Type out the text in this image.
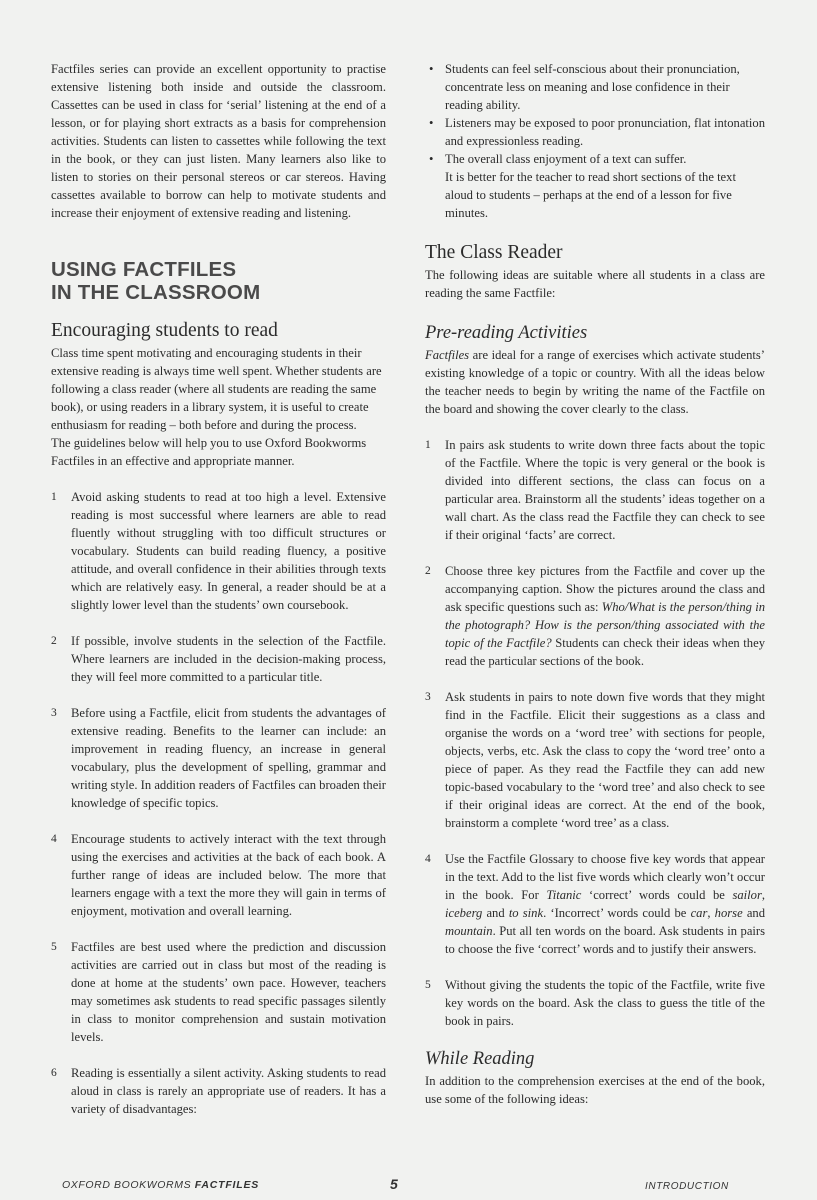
Factfiles series can provide an excellent opportunity to practise extensive listening both inside and outside the classroom. Cassettes can be used in class for ‘serial’ listening at the end of a lesson, or for playing short extracts as a basis for comprehension activities. Students can listen to cassettes while following the text in the book, or they can just listen. Many learners also like to listen to stories on their personal stereos or car stereos. Having cassettes available to borrow can help to motivate students and increase their enjoyment of extensive reading and listening.

USING FACTFILES
IN THE CLASSROOM
Encouraging students to read

Class time spent motivating and encouraging students in their extensive reading is always time well spent. Whether students are following a class reader (where all students are reading the same book), or using readers in a library system, it is useful to create enthusiasm for reading – both before and during the process.

The guidelines below will help you to use Oxford Bookworms Factfiles in an effective and appropriate manner.

1 Avoid asking students to read at too high a level. Extensive reading is most successful where learners are able to read fluently without struggling with too difficult structures or vocabulary. Students can build reading fluency, a positive attitude, and overall confidence in their abilities through texts which are relatively easy. In general, a reader should be at a slightly lower level than the students’ own coursebook.
2 If possible, involve students in the selection of the Factfile. Where learners are included in the decision-making process, they will feel more committed to a particular title.
3 Before using a Factfile, elicit from students the advantages of extensive reading. Benefits to the learner can include: an improvement in reading fluency, an increase in general vocabulary, plus the development of spelling, grammar and writing style. In addition readers of Factfiles can broaden their knowledge of specific topics.
4 Encourage students to actively interact with the text through using the exercises and activities at the back of each book. A further range of ideas are included below. The more that learners engage with a text the more they will gain in terms of enjoyment, motivation and overall learning.
5 Factfiles are best used where the prediction and discussion activities are carried out in class but most of the reading is done at home at the students’ own pace. However, teachers may sometimes ask students to read specific passages silently in class to monitor comprehension and sustain motivation levels.
6 Reading is essentially a silent activity. Asking students to read aloud in class is rarely an appropriate use of readers. It has a variety of disadvantages:
• Students can feel self-conscious about their pronunciation, concentrate less on meaning and lose confidence in their reading ability.
• Listeners may be exposed to poor pronunciation, flat intonation and expressionless reading.
• The overall class enjoyment of a text can suffer.

It is better for the teacher to read short sections of the text aloud to students – perhaps at the end of a lesson for five minutes.

The Class Reader

The following ideas are suitable where all students in a class are reading the same Factfile:

Pre-reading Activities

Factfiles are ideal for a range of exercises which activate students’ existing knowledge of a topic or country. With all the ideas below the teacher needs to begin by writing the name of the Factfile on the board and showing the cover clearly to the class.

1 In pairs ask students to write down three facts about the topic of the Factfile. Where the topic is very general or the book is divided into different sections, the class can focus on a particular area. Brainstorm all the students’ ideas together on a wall chart. As the class read the Factfile they can check to see if their original ‘facts’ are correct.
2 Choose three key pictures from the Factfile and cover up the accompanying caption. Show the pictures around the class and ask specific questions such as: Who/What is the person/thing in the photograph? How is the person/thing associated with the topic of the Factfile? Students can check their ideas when they read the particular sections of the book.
3 Ask students in pairs to note down five words that they might find in the Factfile. Elicit their suggestions as a class and organise the words on a ‘word tree’ with sections for people, objects, verbs, etc. Ask the class to copy the ‘word tree’ onto a piece of paper. As they read the Factfile they can add new topic-based vocabulary to the ‘word tree’ and also check to see if their original ideas are correct. At the end of the book, brainstorm a complete ‘word tree’ as a class.
4 Use the Factfile Glossary to choose five key words that appear in the text. Add to the list five words which clearly won’t occur in the book. For Titanic ‘correct’ words could be sailor, iceberg and to sink. ‘Incorrect’ words could be car, horse and mountain. Put all ten words on the board. Ask students in pairs to choose the five ‘correct’ words and to justify their answers.
5 Without giving the students the topic of the Factfile, write five key words on the board. Ask the class to guess the title of the book in pairs.
While Reading

In addition to the comprehension exercises at the end of the book, use some of the following ideas:

OXFORD BOOKWORMS FACTFILES	5	INTRODUCTION
